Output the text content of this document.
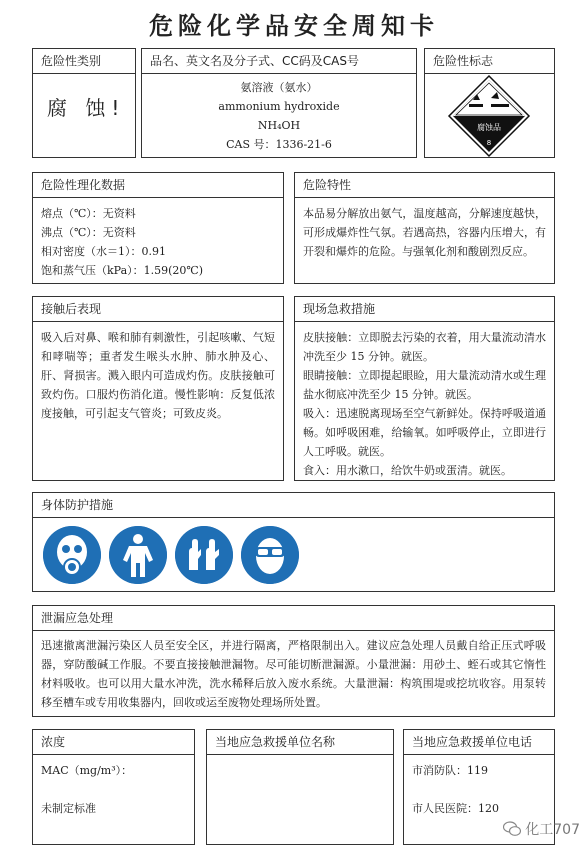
危险化学品安全周知卡
危险性类别
腐 蚀!
品名、英文名及分子式、CC码及CAS号

氨溶液（氨水）

ammonium hydroxide

NH₄OH

CAS 号：1336-21-6

危险性标志
腐蚀品
8
危险性理化数据

熔点（℃）：无资料

沸点（℃）：无资料

相对密度（水＝1）：0.91

饱和蒸气压（kPa）：1.59(20℃)

危险特性
本品易分解放出氨气，温度越高，分解速度越快，可形成爆炸性气氛。若遇高热，容器内压增大，有开裂和爆炸的危险。与强氧化剂和酸剧烈反应。
接触后表现
吸入后对鼻、喉和肺有刺激性，引起咳嗽、气短和哮喘等；重者发生喉头水肿、肺水肿及心、肝、肾损害。溅入眼内可造成灼伤。皮肤接触可致灼伤。口服灼伤消化道。慢性影响：反复低浓度接触，可引起支气管炎；可致皮炎。
现场急救措施

皮肤接触：立即脱去污染的衣着，用大量流动清水冲洗至少 15 分钟。就医。

眼睛接触：立即提起眼睑，用大量流动清水或生理盐水彻底冲洗至少 15 分钟。就医。

吸入：迅速脱离现场至空气新鲜处。保持呼吸道通畅。如呼吸困难，给输氧。如呼吸停止，立即进行人工呼吸。就医。

食入：用水漱口，给饮牛奶或蛋清。就医。

身体防护措施
泄漏应急处理
迅速撤离泄漏污染区人员至安全区，并进行隔离，严格限制出入。建议应急处理人员戴自给正压式呼吸器，穿防酸碱工作服。不要直接接触泄漏物。尽可能切断泄漏源。小量泄漏：用砂土、蛭石或其它惰性材料吸收。也可以用大量水冲洗，洗水稀释后放入废水系统。大量泄漏：构筑围堤或挖坑收容。用泵转移至槽车或专用收集器内，回收或运至废物处理场所处置。
浓度

MAC（mg/m³）：

未制定标准

当地应急救援单位名称	当地应急救援单位电话

市消防队：119

市人民医院：120

化工707
